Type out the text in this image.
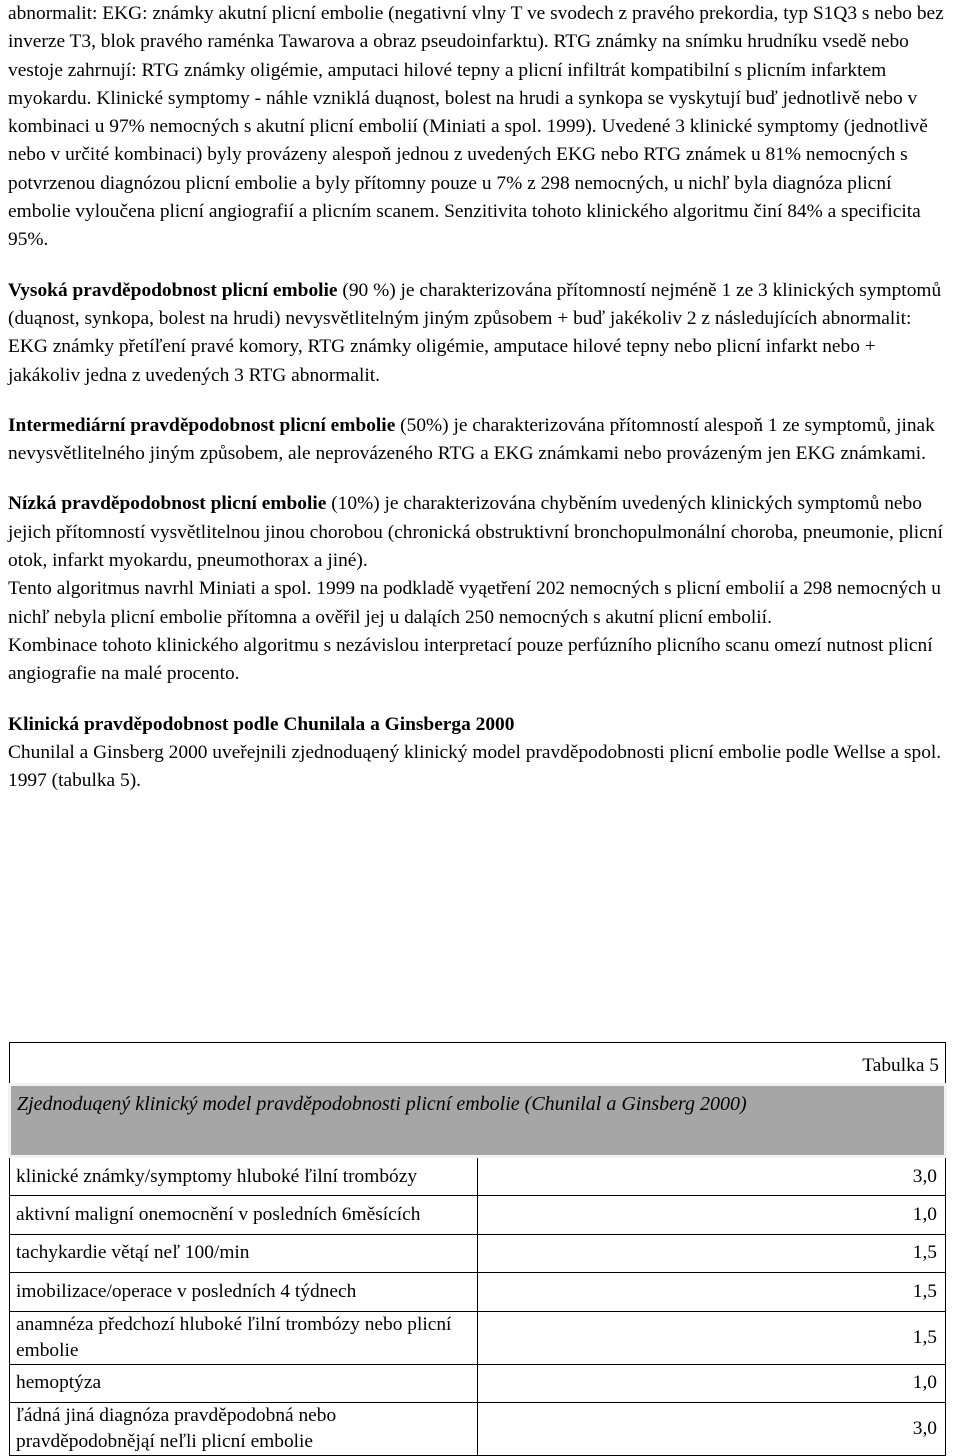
abnormalit: EKG: známky akutní plicní embolie (negativní vlny T ve svodech z pravého prekordia, typ S1Q3 s nebo bez inverze T3, blok pravého raménka Tawarova a obraz pseudoinfarktu). RTG známky na snímku hrudníku vsedě nebo vestoje zahrnují: RTG známky oligémie, amputaci hilové tepny a plicní infiltrát kompatibilní s plicním infarktem myokardu. Klinické symptomy - náhle vzniklá duąnost, bolest na hrudi a synkopa se vyskytují buď jednotlivě nebo v kombinaci u 97% nemocných s akutní plicní embolií (Miniati a spol. 1999). Uvedené 3 klinické symptomy (jednotlivě nebo v určité kombinaci) byly provázeny alespoň jednou z uvedených EKG nebo RTG známek u 81% nemocných s potvrzenou diagnózou plicní embolie a byly přítomny pouze u 7% z 298 nemocných, u nichľ byla diagnóza plicní embolie vyloučena plicní angiografií a plicním scanem. Senzitivita tohoto klinického algoritmu činí 84% a specificita 95%.

Vysoká pravděpodobnost plicní embolie (90 %) je charakterizována přítomností nejméně 1 ze 3 klinických symptomů (duąnost, synkopa, bolest na hrudi) nevysvětlitelným jiným způsobem + buď jakékoliv 2 z následujících abnormalit: EKG známky přetíľení pravé komory, RTG známky oligémie, amputace hilové tepny nebo plicní infarkt nebo + jakákoliv jedna z uvedených 3 RTG abnormalit.

Intermediární pravděpodobnost plicní embolie (50%) je charakterizována přítomností alespoň 1 ze symptomů, jinak nevysvětlitelného jiným způsobem, ale neprovázeného RTG a EKG známkami nebo provázeným jen EKG známkami.

Nízká pravděpodobnost plicní embolie (10%) je charakterizována chyběním uvedených klinických symptomů nebo jejich přítomností vysvětlitelnou jinou chorobou (chronická obstruktivní bronchopulmonální choroba, pneumonie, plicní otok, infarkt myokardu, pneumothorax a jiné).

Tento algoritmus navrhl Miniati a spol. 1999 na podkladě vyąetření 202 nemocných s plicní embolií a 298 nemocných u nichľ nebyla plicní embolie přítomna a ověřil jej u daląích 250 nemocných s akutní plicní embolií.

Kombinace tohoto klinického algoritmu s nezávislou interpretací pouze perfúzního plicního scanu omezí nutnost plicní angiografie na malé procento.

Klinická pravděpodobnost podle Chunilala a Ginsberga 2000

Chunilal a Ginsberg 2000 uveřejnili zjednoduąený klinický model pravděpodobnosti plicní embolie podle Wellse a spol. 1997 (tabulka 5).

Tabulka 5	
Zjednoduąený klinický model pravděpodobnosti plicní embolie (Chunilal a Ginsberg 2000)	
klinické známky/symptomy hluboké ľilní trombózy	3,0
aktivní maligní onemocnění v posledních 6měsících	1,0
tachykardie větąí neľ 100/min	1,5
imobilizace/operace v posledních 4 týdnech	1,5
anamnéza předchozí hluboké ľilní trombózy nebo plicní embolie	1,5
hemoptýza	1,0
ľádná jiná diagnóza pravděpodobná nebo pravděpodobnějąí neľli plicní embolie	3,0
